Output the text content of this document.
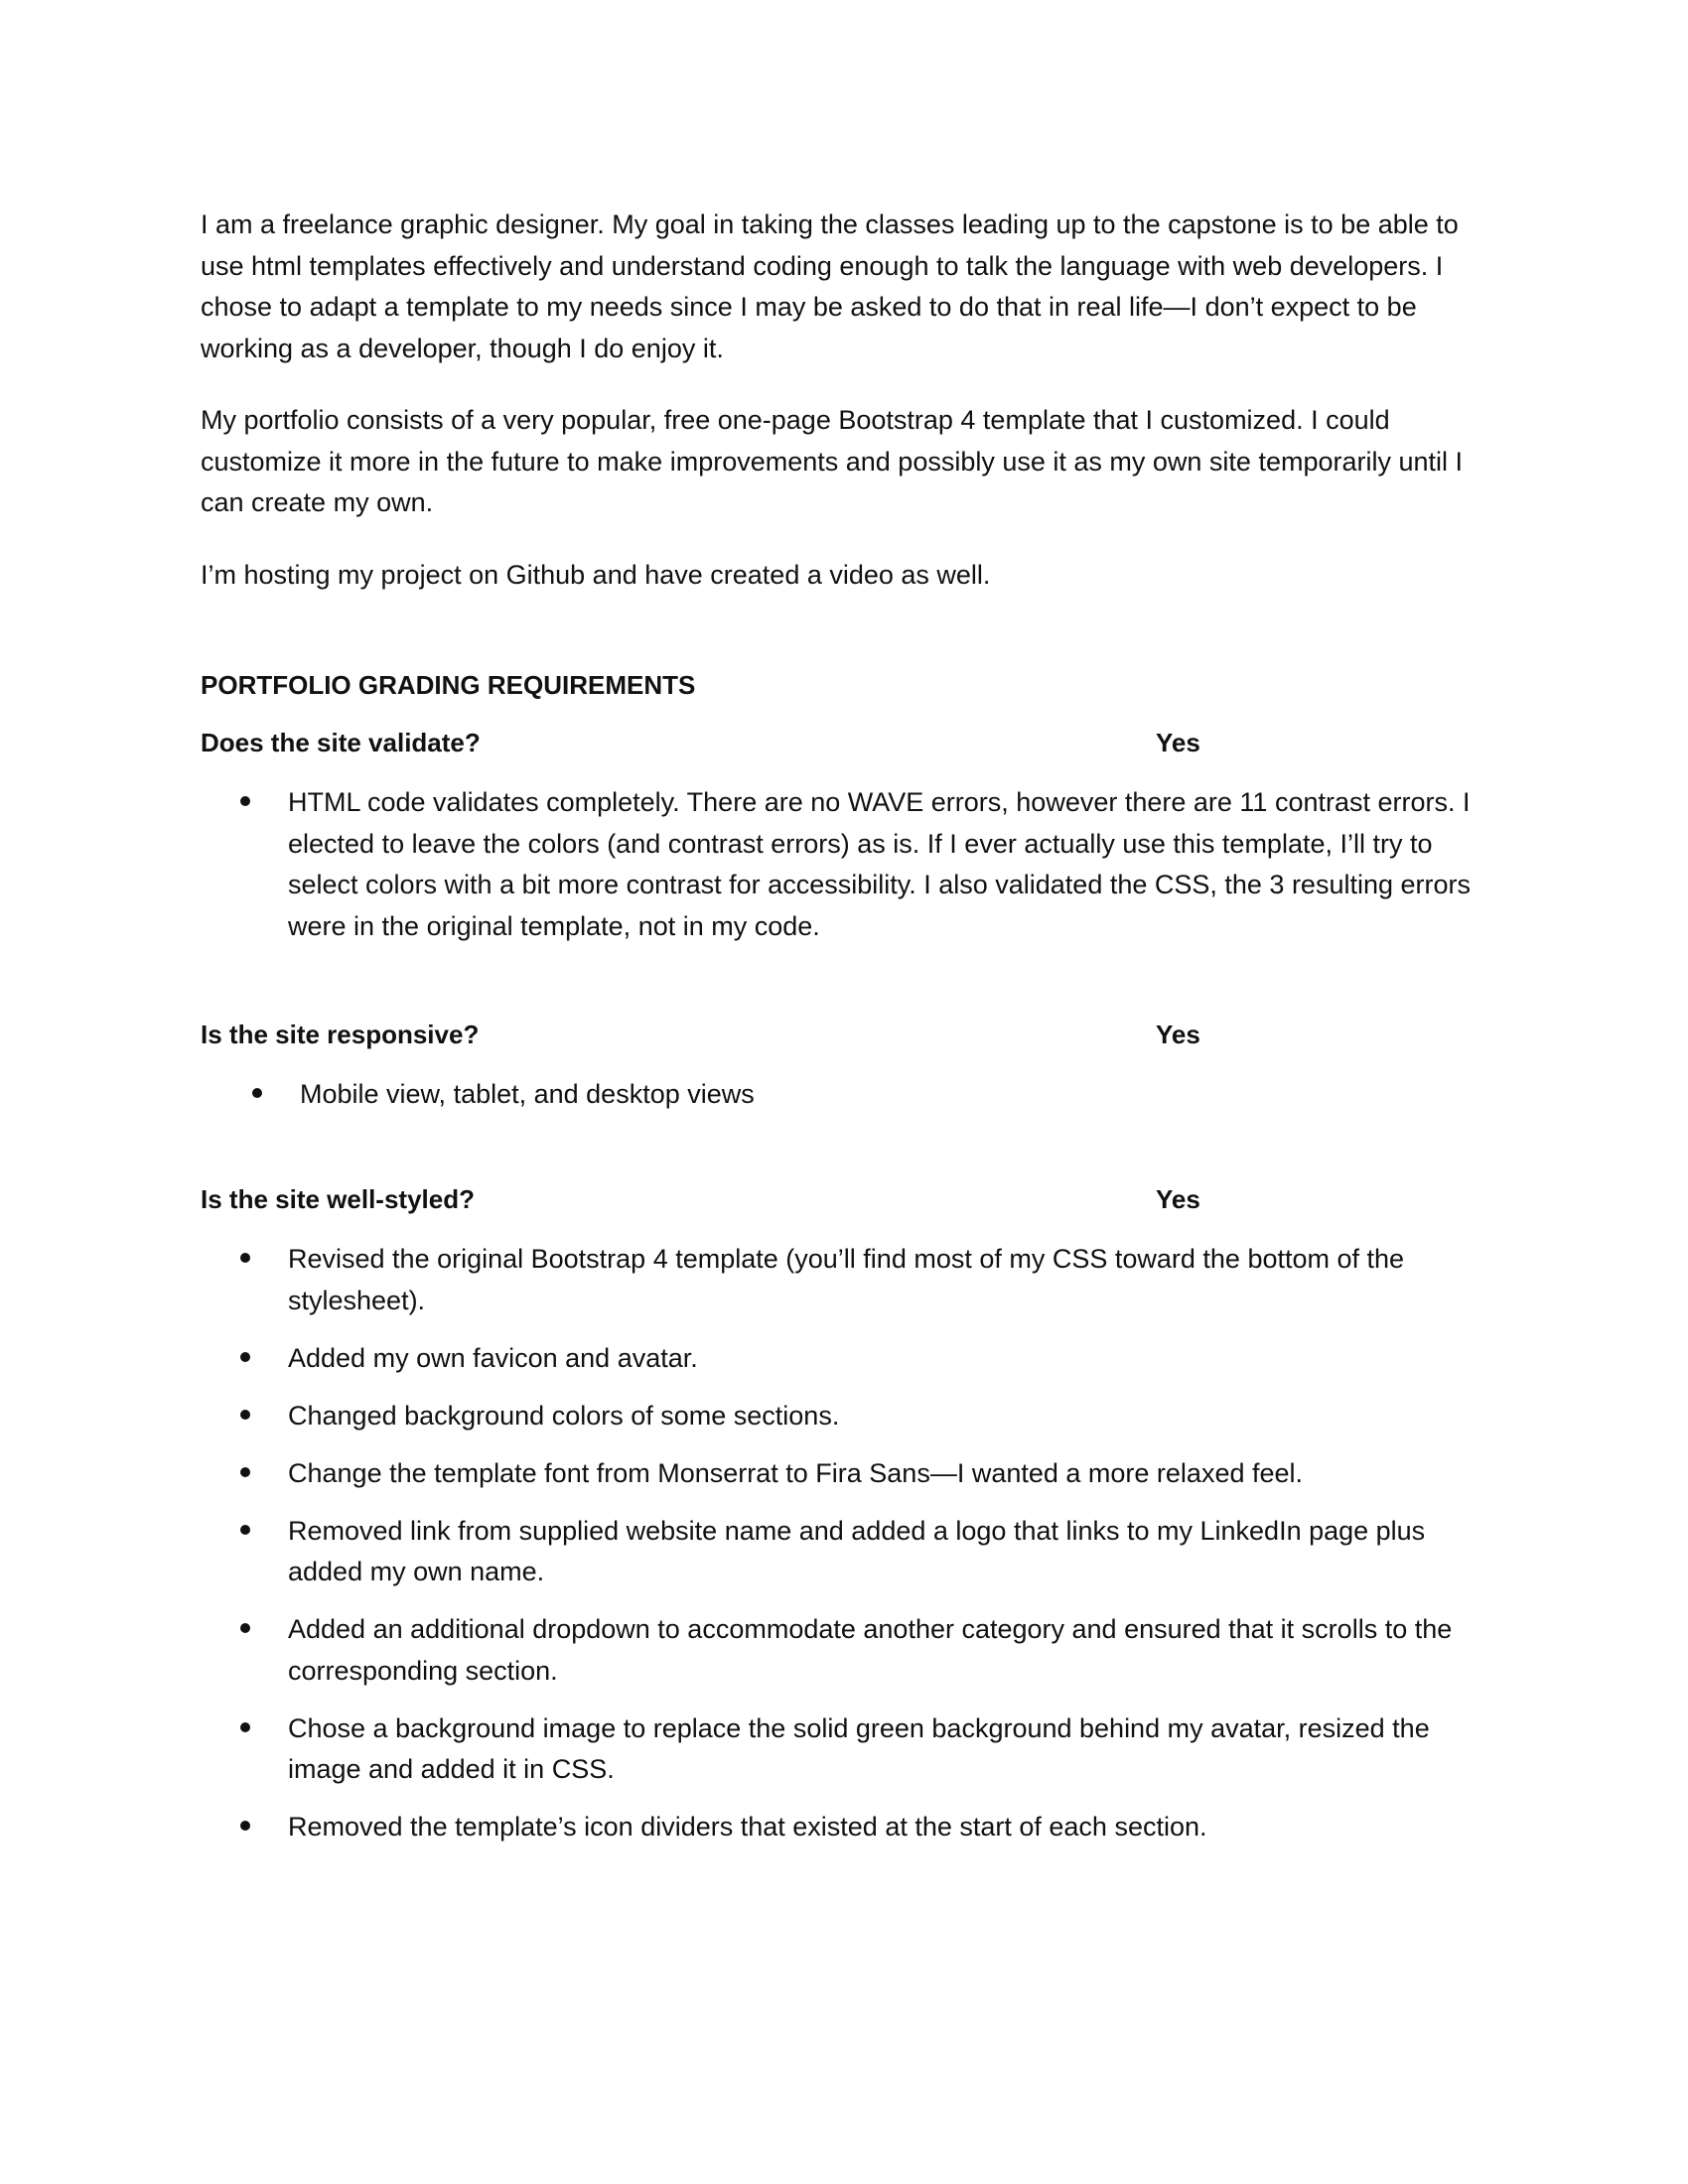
I am a freelance graphic designer. My goal in taking the classes leading up to the capstone is to be able to use html templates effectively and understand coding enough to talk the language with web developers. I chose to adapt a template to my needs since I may be asked to do that in real life—I don’t expect to be working as a developer, though I do enjoy it.

My portfolio consists of a very popular, free one-page Bootstrap 4 template that I customized. I could customize it more in the future to make improvements and possibly use it as my own site temporarily until I can create my own.

I’m hosting my project on Github and have created a video as well.

PORTFOLIO GRADING REQUIREMENTS
Does the site validate?	Yes
HTML code validates completely. There are no WAVE errors, however there are 11 contrast errors. I elected to leave the colors (and contrast errors) as is. If I ever actually use this template, I’ll try to select colors with a bit more contrast for accessibility. I also validated the CSS, the 3 resulting errors were in the original template, not in my code.
Is the site responsive?	Yes
Mobile view, tablet, and desktop views
Is the site well-styled?	Yes
Revised the original Bootstrap 4 template (you’ll find most of my CSS toward the bottom of the stylesheet).
Added my own favicon and avatar.
Changed background colors of some sections.
Change the template font from Monserrat to Fira Sans—I wanted a more relaxed feel.
Removed link from supplied website name and added a logo that links to my LinkedIn page plus added my own name.
Added an additional dropdown to accommodate another category and ensured that it scrolls to the corresponding section.
Chose a background image to replace the solid green background behind my avatar, resized the image and added it in CSS.
Removed the template’s icon dividers that existed at the start of each section.
